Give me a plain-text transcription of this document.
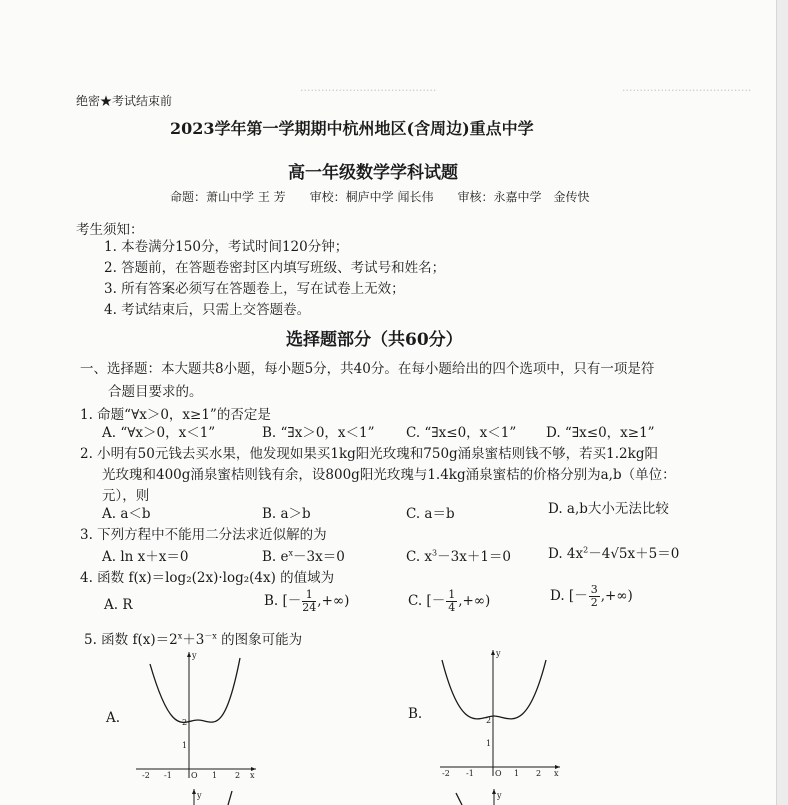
·····································
·······································
绝密★考试结束前
2023学年第一学期期中杭州地区(含周边)重点中学
高一年级数学学科试题
命题：萧山中学 王 芳　　审校：桐庐中学 闻长伟　　审核：永嘉中学　金传快
考生须知：
1. 本卷满分150分，考试时间120分钟；
2. 答题前，在答题卷密封区内填写班级、考试号和姓名；
3. 所有答案必须写在答题卷上，写在试卷上无效；
4. 考试结束后，只需上交答题卷。
选择题部分（共60分）
一、选择题：本大题共8小题，每小题5分，共40分。在每小题给出的四个选项中，只有一项是符
合题目要求的。
1. 命题“∀x＞0，x≥1”的否定是
A. “∀x＞0，x＜1”	B. “∃x＞0，x＜1” C. “∃x≤0，x＜1” D. “∃x≤0，x≥1”
2. 小明有50元钱去买水果，他发现如果买1kg阳光玫瑰和750g涌泉蜜桔则钱不够，若买1.2kg阳
光玫瑰和400g涌泉蜜桔则钱有余，设800g阳光玫瑰与1.4kg涌泉蜜桔的价格分别为a,b（单位：
元），则
A. a＜b	B. a＞b	C. a＝b	D. a,b大小无法比较
3. 下列方程中不能用二分法求近似解的为
A. ln x＋x＝0	B. $e^x-3x=0$	C. $x^3-3x+1=0$	D. $4x^2-4√5x+5=0$
4. 函数 f(x)＝log₂(2x)·log₂(4x) 的值域为
A. R	B. [－ $\frac{1}{24}$ ,+∞)	C. [－ $\frac{1}{4}$ ,+∞)	D. [－ $\frac{3}{2}$ ,+∞)
5. 函数 $f(x)=2^x+3^{-x}$ 的图象可能为
A.	B.
y
x
O
-2 -1	1 2
1
2
y
x
O
-2 -1	1 2
1
2
y	y
